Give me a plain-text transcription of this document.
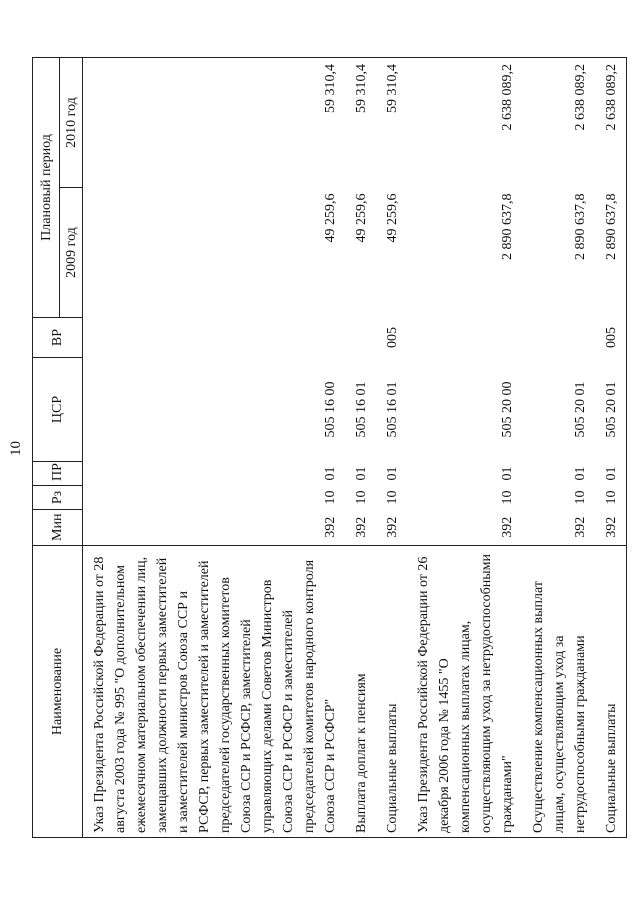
10
Наименование	Мин	Рз	ПР	ЦСР	ВР	Плановый период	
						2009 год	2010 год
Указ Президента Российской Федерации от 28 августа 2003 года № 995 "О дополнительном ежемесячном материальном обеспечении лиц, замещавших должности первых заместителей и заместителей министров Союза ССР и РСФСР, первых заместителей и заместителей председателей государственных комитетов Союза ССР и РСФСР, заместителей управляющих делами Советов Министров Союза ССР и РСФСР и заместителей председателей комитетов народного контроля Союза ССР и РСФСР"	392	10	01	505 16 00		49 259,6	59 310,4
Выплата доплат к пенсиям	392	10	01	505 16 01		49 259,6	59 310,4
Социальные выплаты	392	10	01	505 16 01	005	49 259,6	59 310,4
Указ Президента Российской Федерации от 26 декабря 2006 года № 1455 "О компенсационных выплатах лицам, осуществляющим уход за нетрудоспособными гражданами"	392	10	01	505 20 00		2 890 637,8	2 638 089,2
Осуществление компенсационных выплат лицам, осуществляющим уход за нетрудоспособными гражданами	392	10	01	505 20 01		2 890 637,8	2 638 089,2
Социальные выплаты	392	10	01	505 20 01	005	2 890 637,8	2 638 089,2
